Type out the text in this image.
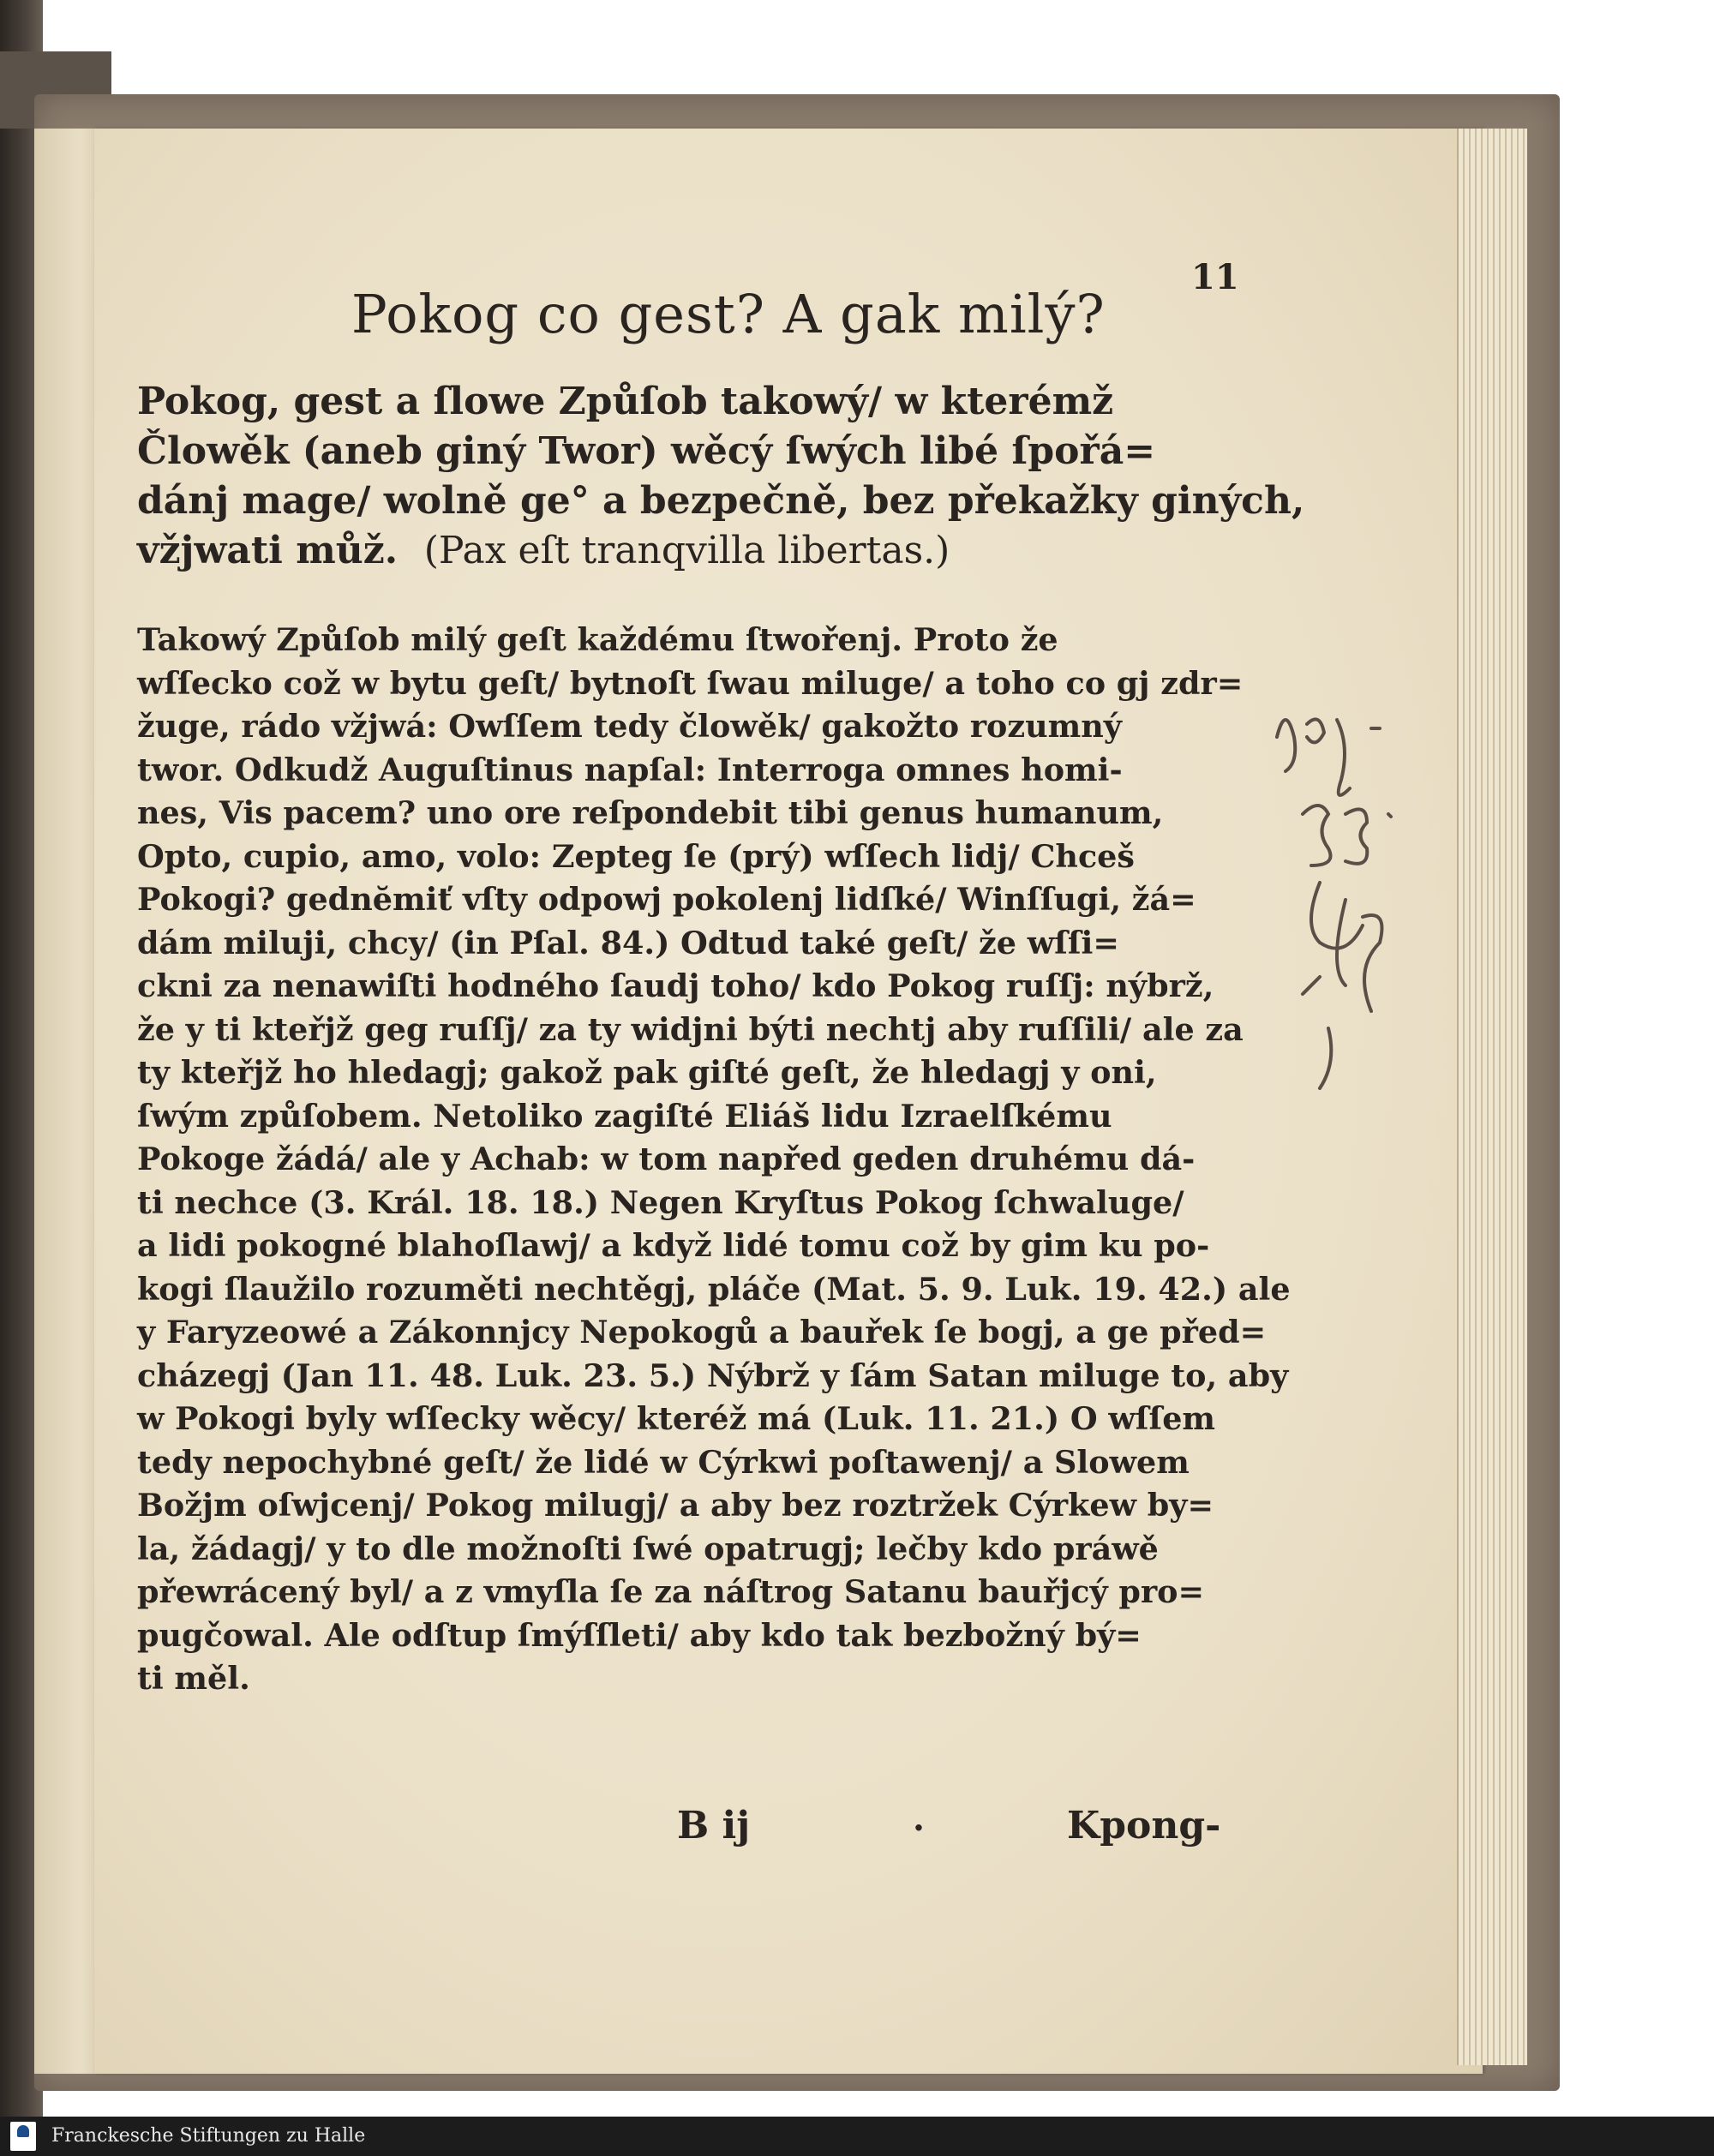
11
Pokog co gest? A gak milý?
Pokog, gest a ſlowe Způſob takowý/ w kterémž
Člowěk (aneb giný Twor) wěcý ſwých libé ſpořá=
dánj mage/ wolně ge° a bezpečně, bez překažky giných,
vžjwati můž. (Pax eſt tranqvilla libertas.)
Takowý Způſob milý geſt každému ſtwořenj. Proto že
wſſecko což w bytu geſt/ bytnoſt ſwau miluge/ a toho co gj zdr=
žuge, rádo vžjwá: Owſſem tedy člowěk/ gakožto rozumný
twor. Odkudž Auguſtinus napſal: Interroga omnes homi-
nes, Vis pacem? uno ore reſpondebit tibi genus humanum,
Opto, cupio, amo, volo: Zepteg ſe (prý) wſſech lidj/ Chceš
Pokogi? gednĕmiť vſty odpowj pokolenj lidſké/ Winſſugi, žá=
dám miluji, chcy/ (in Pſal. 84.) Odtud také geſt/ že wſſi=
ckni za nenawiſti hodného ſaudj toho/ kdo Pokog ruſſj: nýbrž,
že y ti kteřjž geg ruſſj/ za ty widjni býti nechtj aby ruſſili/ ale za
ty kteřjž ho hledagj; gakož pak giſté geſt, že hledagj y oni,
ſwým způſobem. Netoliko zagiſté Eliáš lidu Izraelſkému
Pokoge žádá/ ale y Achab: w tom napřed geden druhému dá-
ti nechce (3. Král. 18. 18.) Negen Kryſtus Pokog ſchwaluge/
a lidi pokogné blahoſlawj/ a když lidé tomu což by gim ku po-
kogi ſlaužilo rozuměti nechtěgj, pláče (Mat. 5. 9. Luk. 19. 42.) ale
y Faryzeowé a Zákonnjcy Nepokogů a bauřek ſe bogj, a ge před=
cházegj (Jan 11. 48. Luk. 23. 5.) Nýbrž y ſám Satan miluge to, aby
w Pokogi byly wſſecky wěcy/ kteréž má (Luk. 11. 21.) O wſſem
tedy nepochybné geſt/ že lidé w Cýrkwi poſtawenj/ a Slowem
Božjm oſwjcenj/ Pokog milugj/ a aby bez roztržek Cýrkew by=
la, žádagj/ y to dle možnoſti ſwé opatrugj; lečby kdo práwě
přewrácený byl/ a z vmyſla ſe za náſtrog Satanu bauřjcý pro=
pugčowal. Ale odſtup ſmýſſleti/ aby kdo tak bezbožný bý=
ti měl.
B ij	·	Kpong-
Franckesche Stiftungen zu Halle
